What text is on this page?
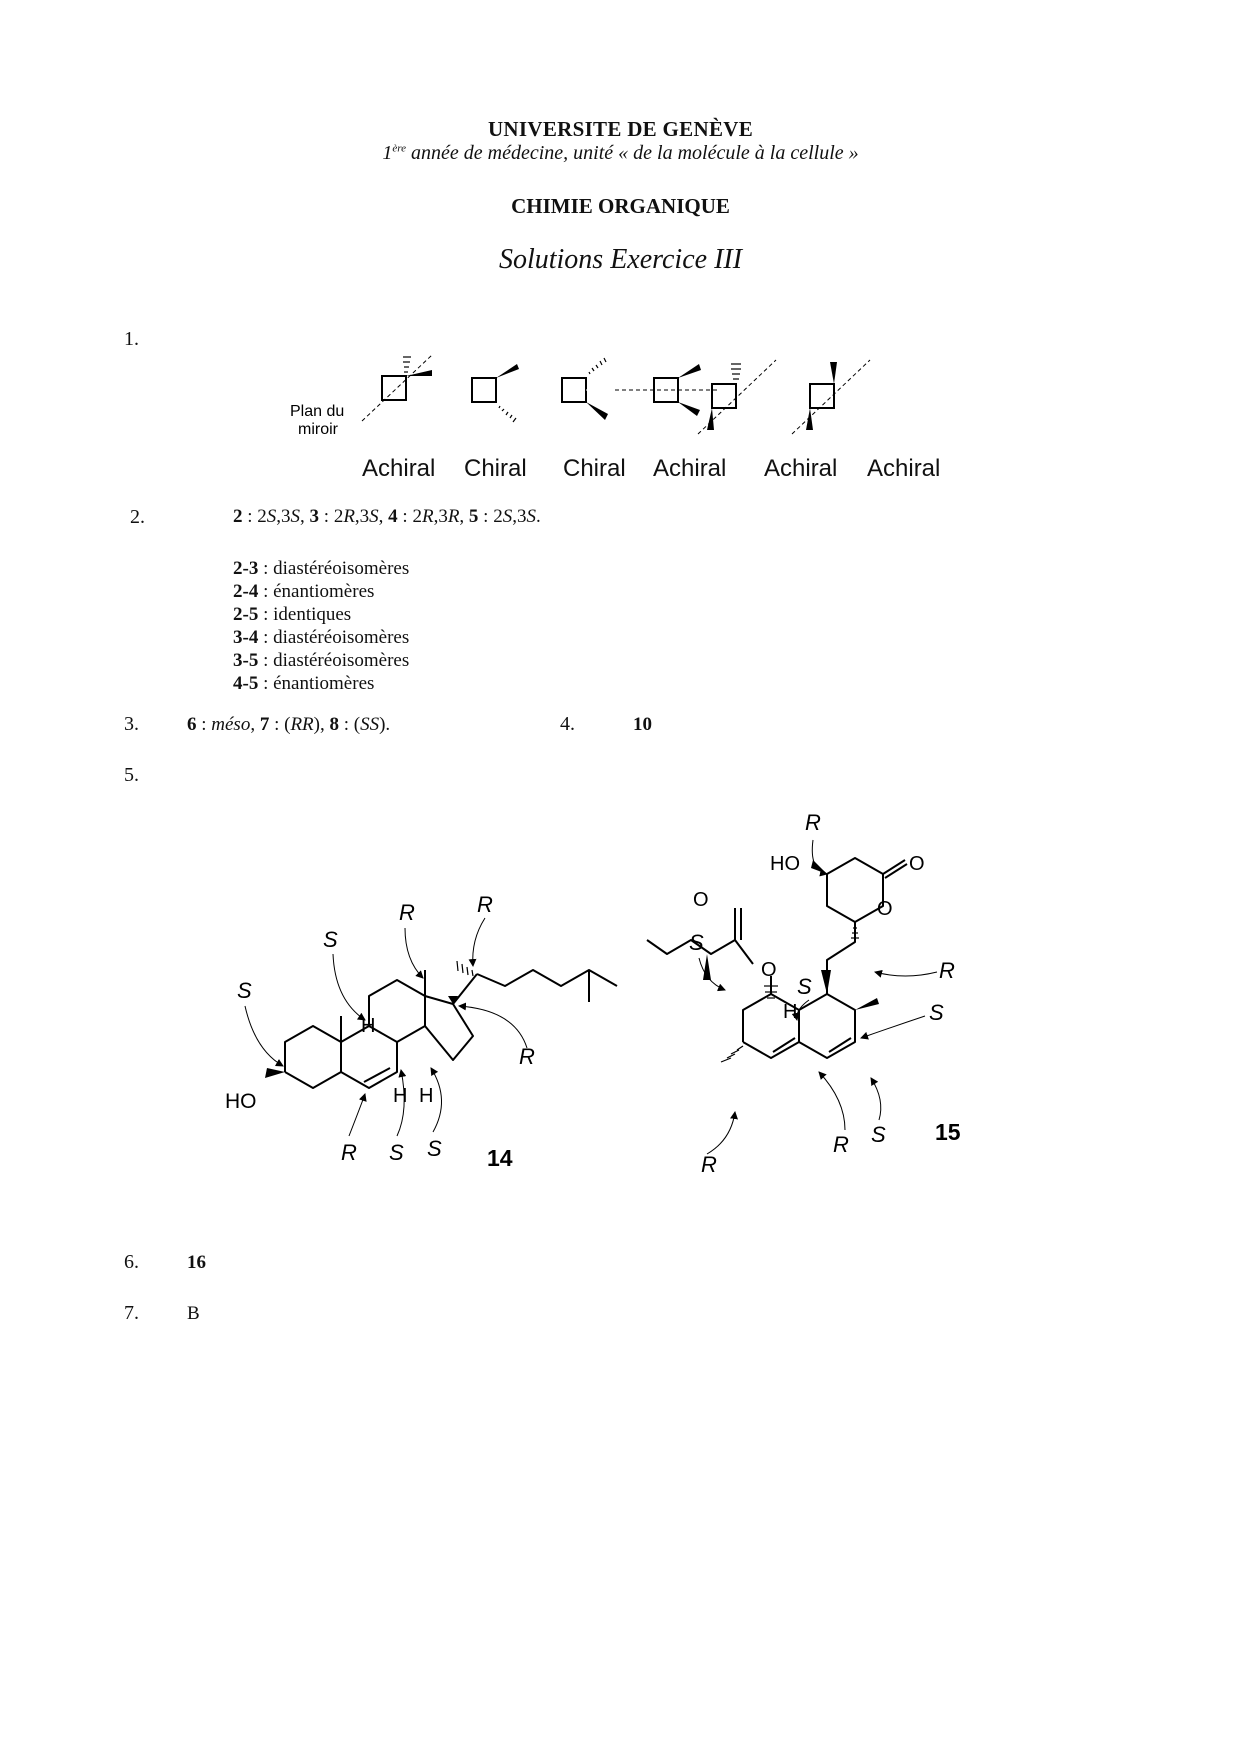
UNIVERSITE DE GENÈVE
1ère année de médecine, unité « de la molécule à la cellule »
CHIMIE ORGANIQUE
Solutions Exercice III
1.
Plan du
miroir
Achiral Chiral Chiral Achiral Achiral Achiral
2.	2 : 2S,3S, 3 : 2R,3S, 4 : 2R,3R, 5 : 2S,3S.
2-3 : diastéréoisomères
2-4 : énantiomères
2-5 : identiques
3-4 : diastéréoisomères
3-5 : diastéréoisomères
4-5 : énantiomères
3.	6 : méso, 7 : (RR), 8 : (SS).	4.	10
5.
H
H H
HO
14
S
S
R	R
R
R S S
O
O
O
O
H
HO
15
R
S
S
R
S
S
R
R
6.	16
7.	B
